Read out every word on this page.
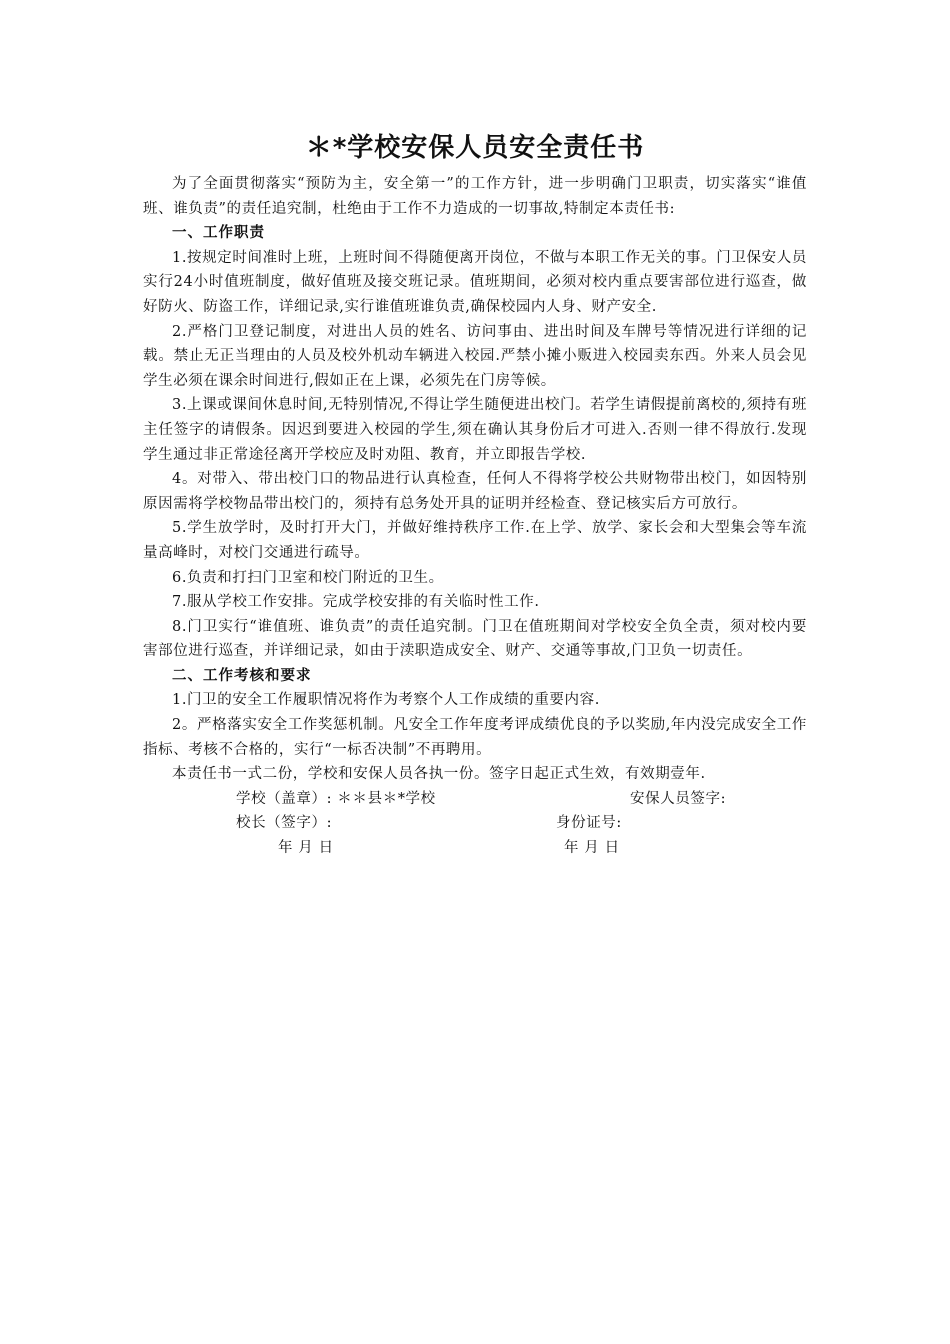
＊*学校安保人员安全责任书

为了全面贯彻落实“预防为主，安全第一”的工作方针，进一步明确门卫职责，切实落实“谁值班、谁负责”的责任追究制，杜绝由于工作不力造成的一切事故,特制定本责任书:

一、工作职责

1.按规定时间准时上班，上班时间不得随便离开岗位，不做与本职工作无关的事。门卫保安人员实行24小时值班制度，做好值班及接交班记录。值班期间，必须对校内重点要害部位进行巡查，做好防火、防盗工作，详细记录,实行谁值班谁负责,确保校园内人身、财产安全.

2.严格门卫登记制度，对进出人员的姓名、访问事由、进出时间及车牌号等情况进行详细的记载。禁止无正当理由的人员及校外机动车辆进入校园.严禁小摊小贩进入校园卖东西。外来人员会见学生必须在课余时间进行,假如正在上课，必须先在门房等候。

3.上课或课间休息时间,无特别情况,不得让学生随便进出校门。若学生请假提前离校的,须持有班主任签字的请假条。因迟到要进入校园的学生,须在确认其身份后才可进入.否则一律不得放行.发现学生通过非正常途径离开学校应及时劝阻、教育，并立即报告学校.

4。对带入、带出校门口的物品进行认真检查，任何人不得将学校公共财物带出校门，如因特别原因需将学校物品带出校门的，须持有总务处开具的证明并经检查、登记核实后方可放行。

5.学生放学时，及时打开大门，并做好维持秩序工作.在上学、放学、家长会和大型集会等车流量高峰时，对校门交通进行疏导。

6.负责和打扫门卫室和校门附近的卫生。

7.服从学校工作安排。完成学校安排的有关临时性工作.

8.门卫实行“谁值班、谁负责”的责任追究制。门卫在值班期间对学校安全负全责，须对校内要害部位进行巡查，并详细记录，如由于渎职造成安全、财产、交通等事故,门卫负一切责任。

二、工作考核和要求

1.门卫的安全工作履职情况将作为考察个人工作成绩的重要内容.

2。严格落实安全工作奖惩机制。凡安全工作年度考评成绩优良的予以奖励,年内没完成安全工作指标、考核不合格的，实行“一标否决制”不再聘用。

本责任书一式二份，学校和安保人员各执一份。签字日起正式生效，有效期壹年.

学校（盖章）: ＊＊县＊*学校	安保人员签字:
校长（签字）:	身份证号:
年 月 日	年 月 日
